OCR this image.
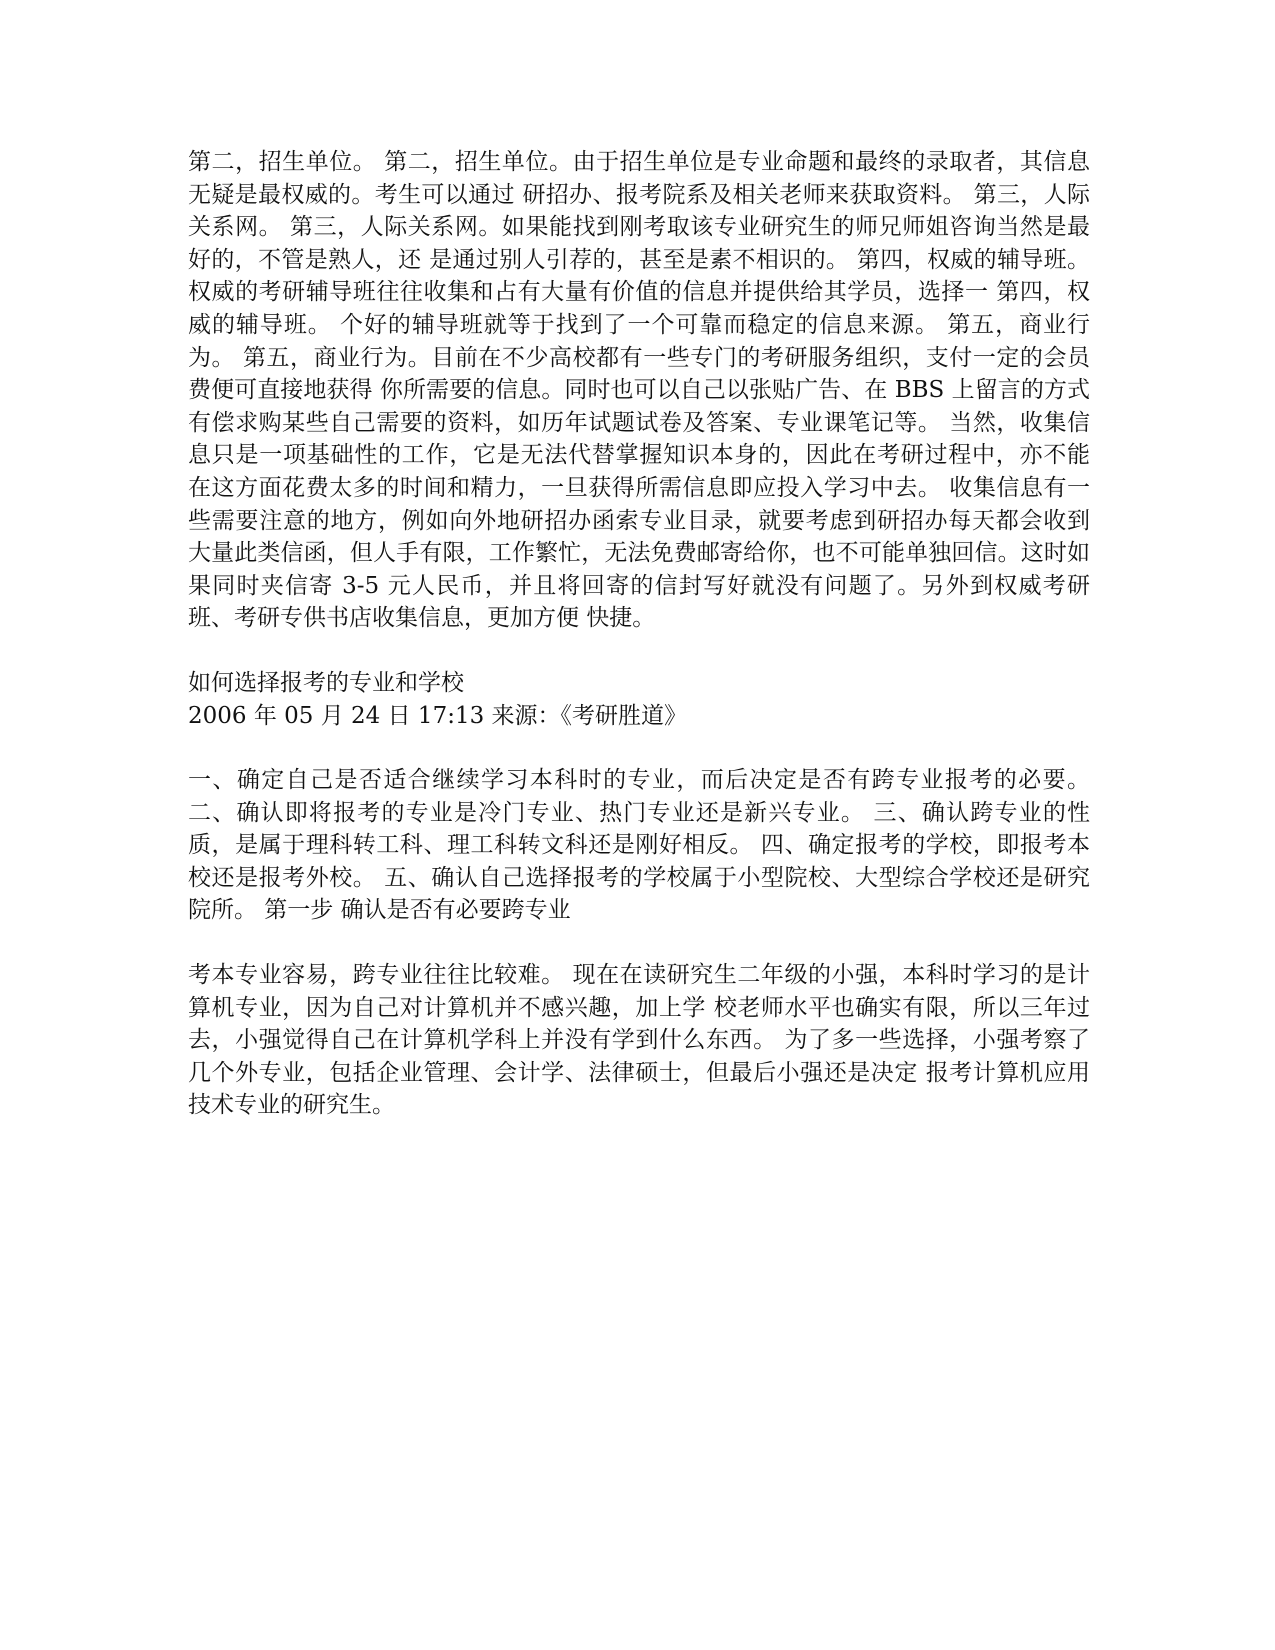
第二，招生单位。 第二，招生单位。由于招生单位是专业命题和最终的录取者，其信息无疑是最权威的。考生可以通过 研招办、报考院系及相关老师来获取资料。 第三，人际关系网。 第三，人际关系网。如果能找到刚考取该专业研究生的师兄师姐咨询当然是最好的，不管是熟人，还 是通过别人引荐的，甚至是素不相识的。 第四，权威的辅导班。权威的考研辅导班往往收集和占有大量有价值的信息并提供给其学员，选择一 第四，权威的辅导班。 个好的辅导班就等于找到了一个可靠而稳定的信息来源。 第五，商业行为。 第五，商业行为。目前在不少高校都有一些专门的考研服务组织，支付一定的会员费便可直接地获得 你所需要的信息。同时也可以自己以张贴广告、在 BBS 上留言的方式有偿求购某些自己需要的资料，如历年试题试卷及答案、专业课笔记等。 当然，收集信息只是一项基础性的工作，它是无法代替掌握知识本身的，因此在考研过程中，亦不能 在这方面花费太多的时间和精力，一旦获得所需信息即应投入学习中去。 收集信息有一些需要注意的地方，例如向外地研招办函索专业目录，就要考虑到研招办每天都会收到 大量此类信函，但人手有限，工作繁忙，无法免费邮寄给你，也不可能单独回信。这时如果同时夹信寄 3-5 元人民币，并且将回寄的信封写好就没有问题了。另外到权威考研班、考研专供书店收集信息，更加方便 快捷。

如何选择报考的专业和学校

2006 年 05 月 24 日 17:13 来源：《考研胜道》

一、确定自己是否适合继续学习本科时的专业，而后决定是否有跨专业报考的必要。 二、确认即将报考的专业是冷门专业、热门专业还是新兴专业。 三、确认跨专业的性质，是属于理科转工科、理工科转文科还是刚好相反。 四、确定报考的学校，即报考本校还是报考外校。 五、确认自己选择报考的学校属于小型院校、大型综合学校还是研究院所。 第一步 确认是否有必要跨专业

考本专业容易，跨专业往往比较难。 现在在读研究生二年级的小强，本科时学习的是计算机专业，因为自己对计算机并不感兴趣，加上学 校老师水平也确实有限，所以三年过去，小强觉得自己在计算机学科上并没有学到什么东西。 为了多一些选择，小强考察了几个外专业，包括企业管理、会计学、法律硕士，但最后小强还是决定 报考计算机应用技术专业的研究生。
